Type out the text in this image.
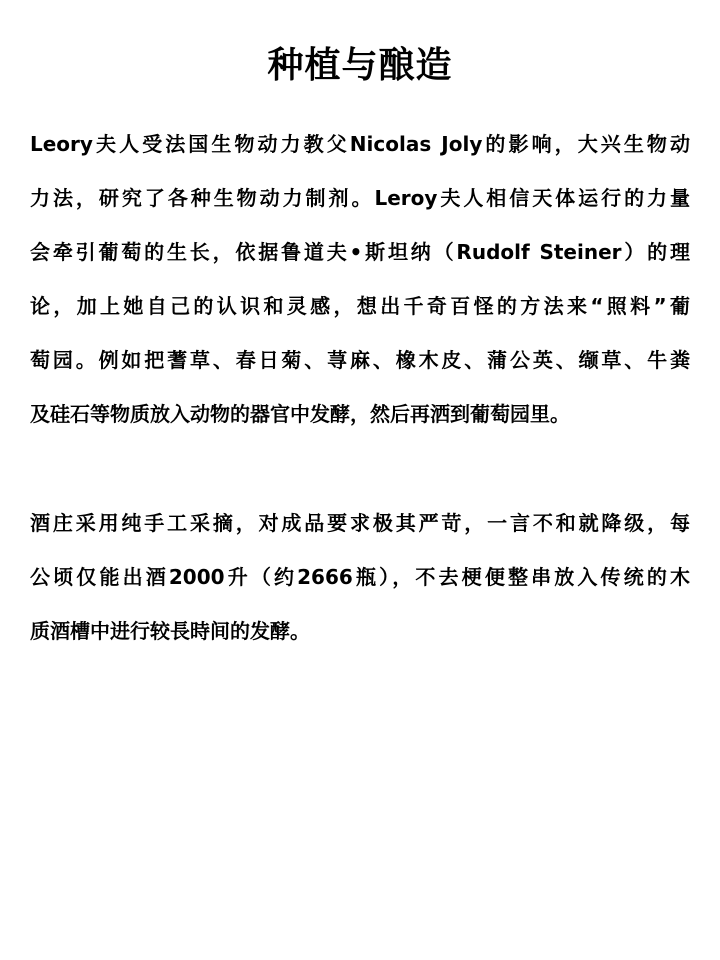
种植与酿造
Leory夫人受法国生物动力教父Nicolas Joly的影响，大兴生物动
力法，研究了各种生物动力制剂。Leroy夫人相信天体运行的力量
会牵引葡萄的生长，依据鲁道夫•斯坦纳（Rudolf Steiner）的理
论，加上她自己的认识和灵感，想出千奇百怪的方法来“照料”葡
萄园。例如把蓍草、春日菊、荨麻、橡木皮、蒲公英、缬草、牛粪
及硅石等物质放入动物的器官中发酵，然后再洒到葡萄园里。
酒庄采用纯手工采摘，对成品要求极其严苛，一言不和就降级，每
公顷仅能出酒2000升（约2666瓶），不去梗便整串放入传统的木
质酒槽中进行较長時间的发酵。
